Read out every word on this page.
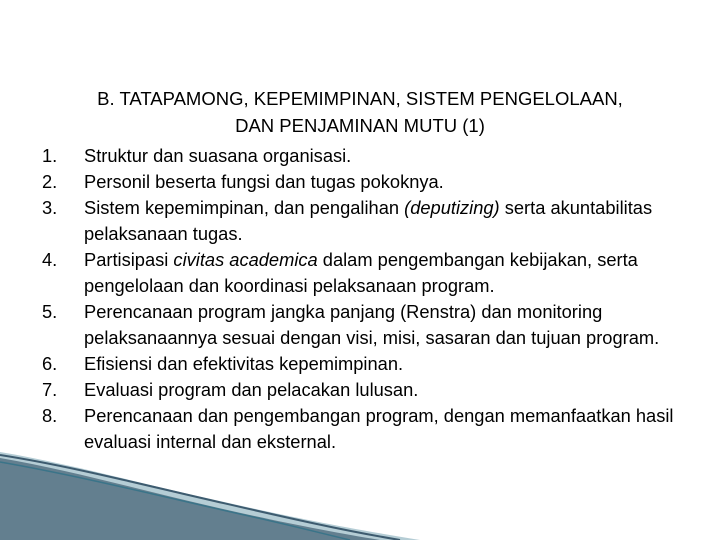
B. TATAPAMONG, KEPEMIMPINAN, SISTEM PENGELOLAAN,
DAN PENJAMINAN MUTU (1)
1. Struktur dan suasana organisasi.
2. Personil beserta fungsi dan tugas pokoknya.
3. Sistem kepemimpinan, dan pengalihan (deputizing) serta akuntabilitas pelaksanaan tugas.
4. Partisipasi civitas academica dalam pengembangan kebijakan, serta pengelolaan dan koordinasi pelaksanaan program.
5. Perencanaan program jangka panjang (Renstra) dan monitoring pelaksanaannya sesuai dengan visi, misi, sasaran dan tujuan program.
6. Efisiensi dan efektivitas kepemimpinan.
7. Evaluasi program dan pelacakan lulusan.
8. Perencanaan dan pengembangan program, dengan memanfaatkan hasil evaluasi internal dan eksternal.
